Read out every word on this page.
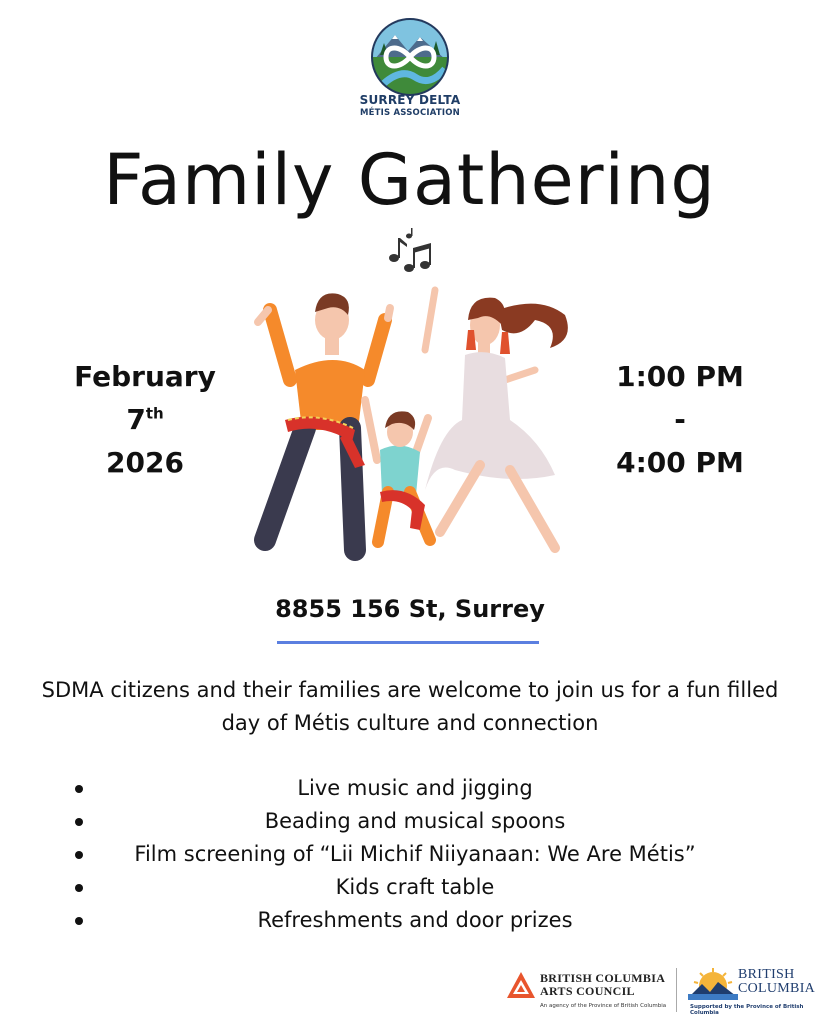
SURREY DELTA
MÉTIS ASSOCIATION
Family Gathering
February
7th
2026
1:00 PM
-
4:00 PM
8855 156 St, Surrey
SDMA citizens and their families are welcome to join us for a fun filled day of Métis culture and connection
Live music and jigging
Beading and musical spoons
Film screening of “Lii Michif Niiyanaan: We Are Métis”
Kids craft table
Refreshments and door prizes
BRITISH COLUMBIA
ARTS COUNCIL
An agency of the Province of British Columbia
BRITISH
COLUMBIA
Supported by the Province of British Columbia
